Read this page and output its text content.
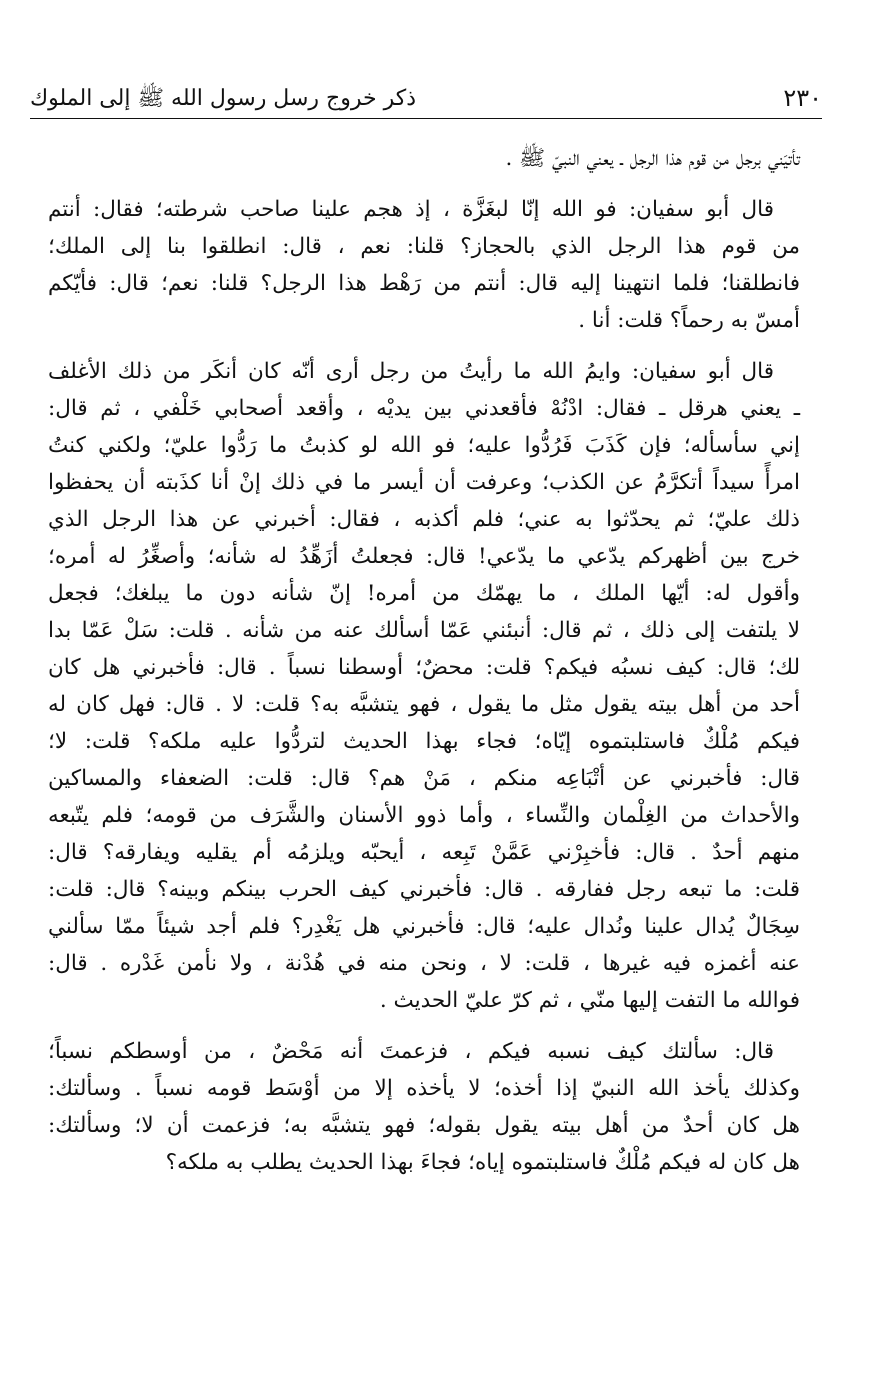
٢٣٠
ذكر خروج رسل رسول الله ﷺ إلى الملوك
تأتيَني برجل من قوم هذا الرجل ـ يعني النبيّ ﷺ .
قال أبو سفيان: فو الله إنّا لبغَزَّة ، إذ هجم علينا صاحب شرطته؛ فقال: أنتم
من قوم هذا الرجل الذي بالحجاز؟ قلنا: نعم ، قال: انطلقوا بنا إلى الملك؛
فانطلقنا؛ فلما انتهينا إليه قال: أنتم من رَهْط هذا الرجل؟ قلنا: نعم؛ قال: فأيّكم
أمسّ به رحماً؟ قلت: أنا .
قال أبو سفيان: وايمُ الله ما رأيتُ من رجل أرى أنّه كان أنكَر من ذلك الأغلف
ـ يعني هرقل ـ فقال: ادْنُهْ فأقعدني بين يديْه ، وأقعد أصحابي خَلْفي ، ثم قال:
إني سأسأله؛ فإن كَذَبَ فَرُدُّوا عليه؛ فو الله لو كذبتُ ما رَدُّوا عليّ؛ ولكني كنتُ
امرأً سيداً أتكرَّمُ عن الكذب؛ وعرفت أن أيسر ما في ذلك إنْ أنا كذَبته أن يحفظوا
ذلك عليّ؛ ثم يحدّثوا به عني؛ فلم أكذبه ، فقال: أخبرني عن هذا الرجل الذي
خرج بين أظهركم يدّعي ما يدّعي! قال: فجعلتُ أزَهِّدُ له شأنه؛ وأصغِّرُ له أمره؛
وأقول له: أيّها الملك ، ما يهمّك من أمره! إنّ شأنه دون ما يبلغك؛ فجعل
لا يلتفت إلى ذلك ، ثم قال: أنبئني عَمّا أسألك عنه من شأنه . قلت: سَلْ عَمّا بدا
لك؛ قال: كيف نسبُه فيكم؟ قلت: محضٌ؛ أوسطنا نسباً . قال: فأخبرني هل كان
أحد من أهل بيته يقول مثل ما يقول ، فهو يتشبَّه به؟ قلت: لا . قال: فهل كان له
فيكم مُلْكٌ فاستلبتموه إيّاه؛ فجاء بهذا الحديث لتردُّوا عليه ملكه؟ قلت: لا؛
قال: فأخبرني عن أتْبَاعِه منكم ، مَنْ هم؟ قال: قلت: الضعفاء والمساكين
والأحداث من الغِلْمان والنِّساء ، وأما ذوو الأسنان والشَّرَف من قومه؛ فلم يتّبعه
منهم أحدٌ . قال: فأخبِرْني عَمَّنْ تَبِعه ، أيحبّه ويلزمُه أم يقليه ويفارقه؟ قال:
قلت: ما تبعه رجل ففارقه . قال: فأخبرني كيف الحرب بينكم وبينه؟ قال: قلت:
سِجَالٌ يُدال علينا ونُدال عليه؛ قال: فأخبرني هل يَغْدِر؟ فلم أجد شيئاً ممّا سألني
عنه أغمزه فيه غيرها ، قلت: لا ، ونحن منه في هُدْنة ، ولا نأمن غَدْره . قال:
فوالله ما التفت إليها منّي ، ثم كرّ عليّ الحديث .
قال: سألتك كيف نسبه فيكم ، فزعمتَ أنه مَحْضٌ ، من أوسطكم نسباً؛
وكذلك يأخذ الله النبيّ إذا أخذه؛ لا يأخذه إلا من أوْسَط قومه نسباً . وسألتك:
هل كان أحدٌ من أهل بيته يقول بقوله؛ فهو يتشبَّه به؛ فزعمت أن لا؛ وسألتك:
هل كان له فيكم مُلْكٌ فاستلبتموه إياه؛ فجاءَ بهذا الحديث يطلب به ملكه؟
